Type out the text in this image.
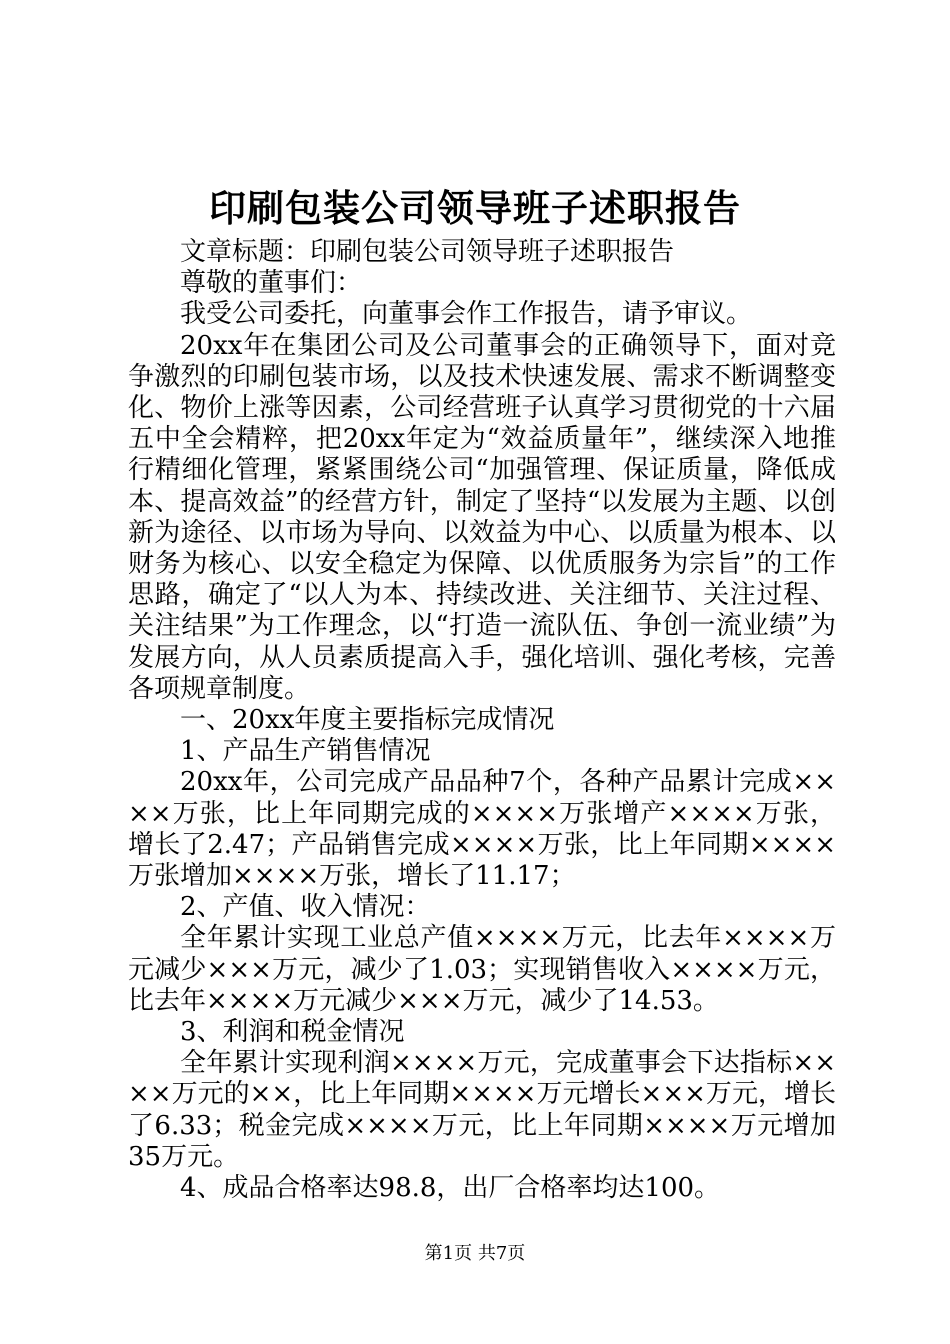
印刷包装公司领导班子述职报告

文章标题：印刷包装公司领导班子述职报告

尊敬的董事们：

我受公司委托，向董事会作工作报告，请予审议。

20xx年在集团公司及公司董事会的正确领导下，面对竞争激烈的印刷包装市场，以及技术快速发展、需求不断调整变化、物价上涨等因素，公司经营班子认真学习贯彻党的十六届五中全会精粹，把20xx年定为“效益质量年”，继续深入地推行精细化管理，紧紧围绕公司“加强管理、保证质量，降低成本、提高效益”的经营方针，制定了坚持“以发展为主题、以创新为途径、以市场为导向、以效益为中心、以质量为根本、以财务为核心、以安全稳定为保障、以优质服务为宗旨”的工作思路，确定了“以人为本、持续改进、关注细节、关注过程、关注结果”为工作理念，以“打造一流队伍、争创一流业绩”为发展方向，从人员素质提高入手，强化培训、强化考核，完善各项规章制度。

一、20xx年度主要指标完成情况

1、产品生产销售情况

20xx年，公司完成产品品种7个，各种产品累计完成××××万张，比上年同期完成的××××万张增产××××万张，增长了2.47；产品销售完成××××万张，比上年同期××××万张增加××××万张，增长了11.17；

2、产值、收入情况：

全年累计实现工业总产值××××万元，比去年××××万元减少×××万元，减少了1.03；实现销售收入××××万元，比去年××××万元减少×××万元，减少了14.53。

3、利润和税金情况

全年累计实现利润××××万元，完成董事会下达指标××××万元的××，比上年同期××××万元增长×××万元，增长了6.33；税金完成××××万元，比上年同期××××万元增加35万元。

4、成品合格率达98.8，出厂合格率均达100。

第1页 共7页
